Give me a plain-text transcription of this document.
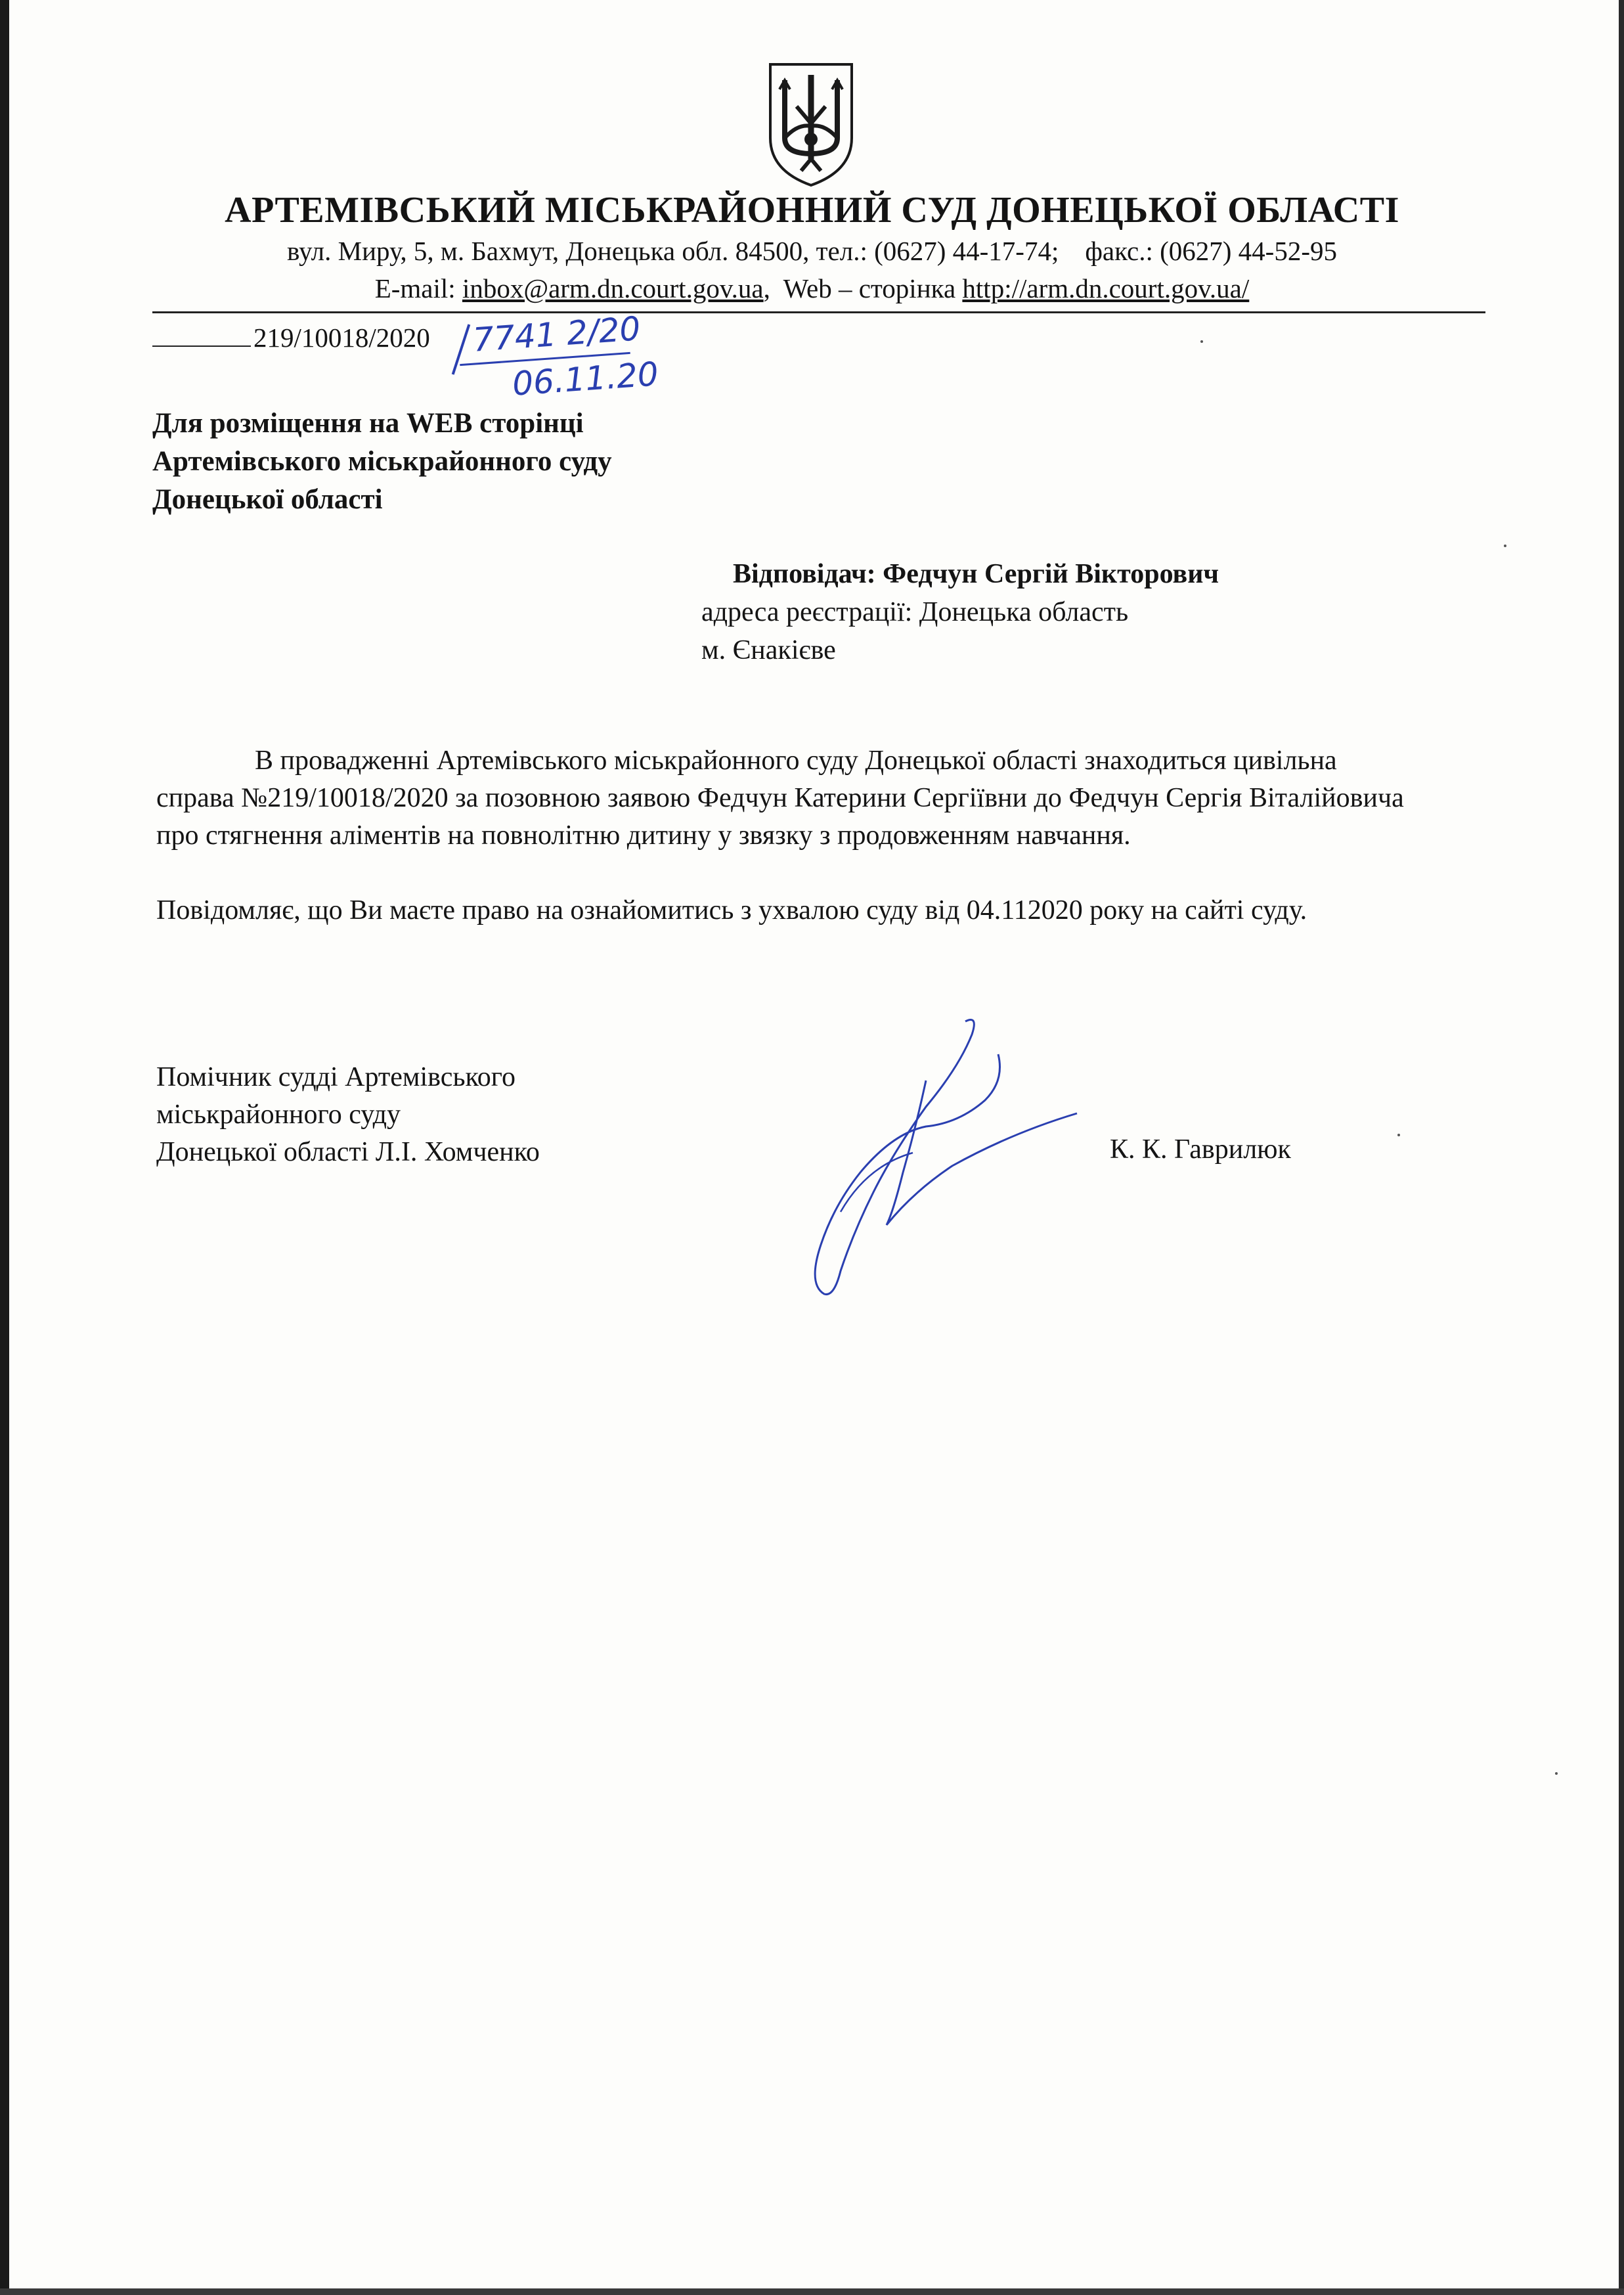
АРТЕМІВСЬКИЙ МІСЬКРАЙОННИЙ СУД ДОНЕЦЬКОЇ ОБЛАСТІ
вул. Миру, 5, м. Бахмут, Донецька обл. 84500, тел.: (0627) 44-17-74; факс.: (0627) 44-52-95
E-mail: inbox@arm.dn.court.gov.ua,  Web – сторінка http://arm.dn.court.gov.ua/
219/10018/2020 7741 2/20
06.11.20
Для розміщення на WEB сторінці
Артемівського міськрайонного суду
Донецької області
Відповідач: Федчун Сергій Вікторович
адреса реєстрації: Донецька область
м. Єнакієве

В провадженні Артемівського міськрайонного суду Донецької області знаходиться цивільна справа №219/10018/2020 за позовною заявою Федчун Катерини Сергіївни до Федчун Сергія Віталійовича про стягнення аліментів на повнолітню дитину у звязку з продовженням навчання.

Повідомляє, що Ви маєте право на ознайомитись з ухвалою суду від 04.112020 року на сайті суду.

Помічник судді Артемівського
міськрайонного суду
Донецької області Л.І. Хомченко	К. К. Гаврилюк
